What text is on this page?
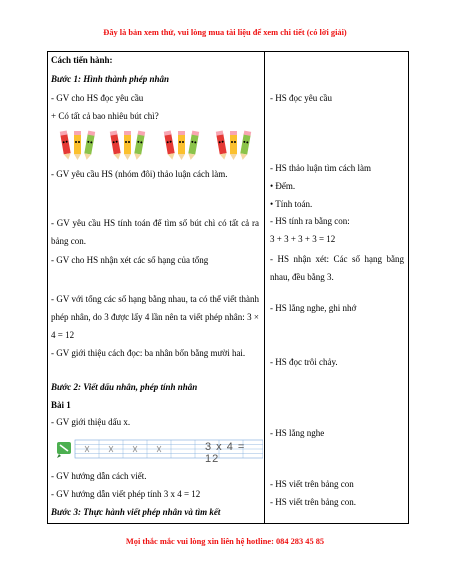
Đây là bản xem thử, vui lòng mua tài liệu để xem chi tiết (có lời giải)
Cách tiến hành:
Bước 1: Hình thành phép nhân
- GV cho HS đọc yêu cầu
+ Có tất cả bao nhiêu bút chì?
- GV yêu cầu HS (nhóm đôi) thảo luận cách làm.
- GV yêu cầu HS tính toán để tìm số bút chì có tất cả ra bảng con.
- GV cho HS nhận xét các số hạng của tổng
- GV với tổng các số hạng bằng nhau, ta có thể viết thành phép nhân, do 3 được lấy 4 lần nên ta viết phép nhân: 3 × 4 = 12
- GV giới thiệu cách đọc: ba nhân bốn bằng mười hai.
Bước 2: Viết dấu nhân, phép tính nhân
Bài 1
- GV giới thiệu dấu x.
3 x 4 = 12
- GV hướng dẫn cách viết.
- GV hướng dẫn viết phép tính 3 x 4 = 12
Bước 3: Thực hành viết phép nhân và tìm kết
- HS đọc yêu cầu
- HS thảo luận tìm cách làm
• Đếm.
• Tính toán.
- HS tính ra bằng con:
3 + 3 + 3 + 3 = 12
- HS nhận xét: Các số hạng bằng nhau, đều bằng 3.
- HS lắng nghe, ghi nhớ
- HS đọc trôi chảy.
- HS lắng nghe
- HS viết trên bảng con
- HS viết trên bảng con.
Mọi thắc mắc vui lòng xin liên hệ hotline: 084 283 45 85
